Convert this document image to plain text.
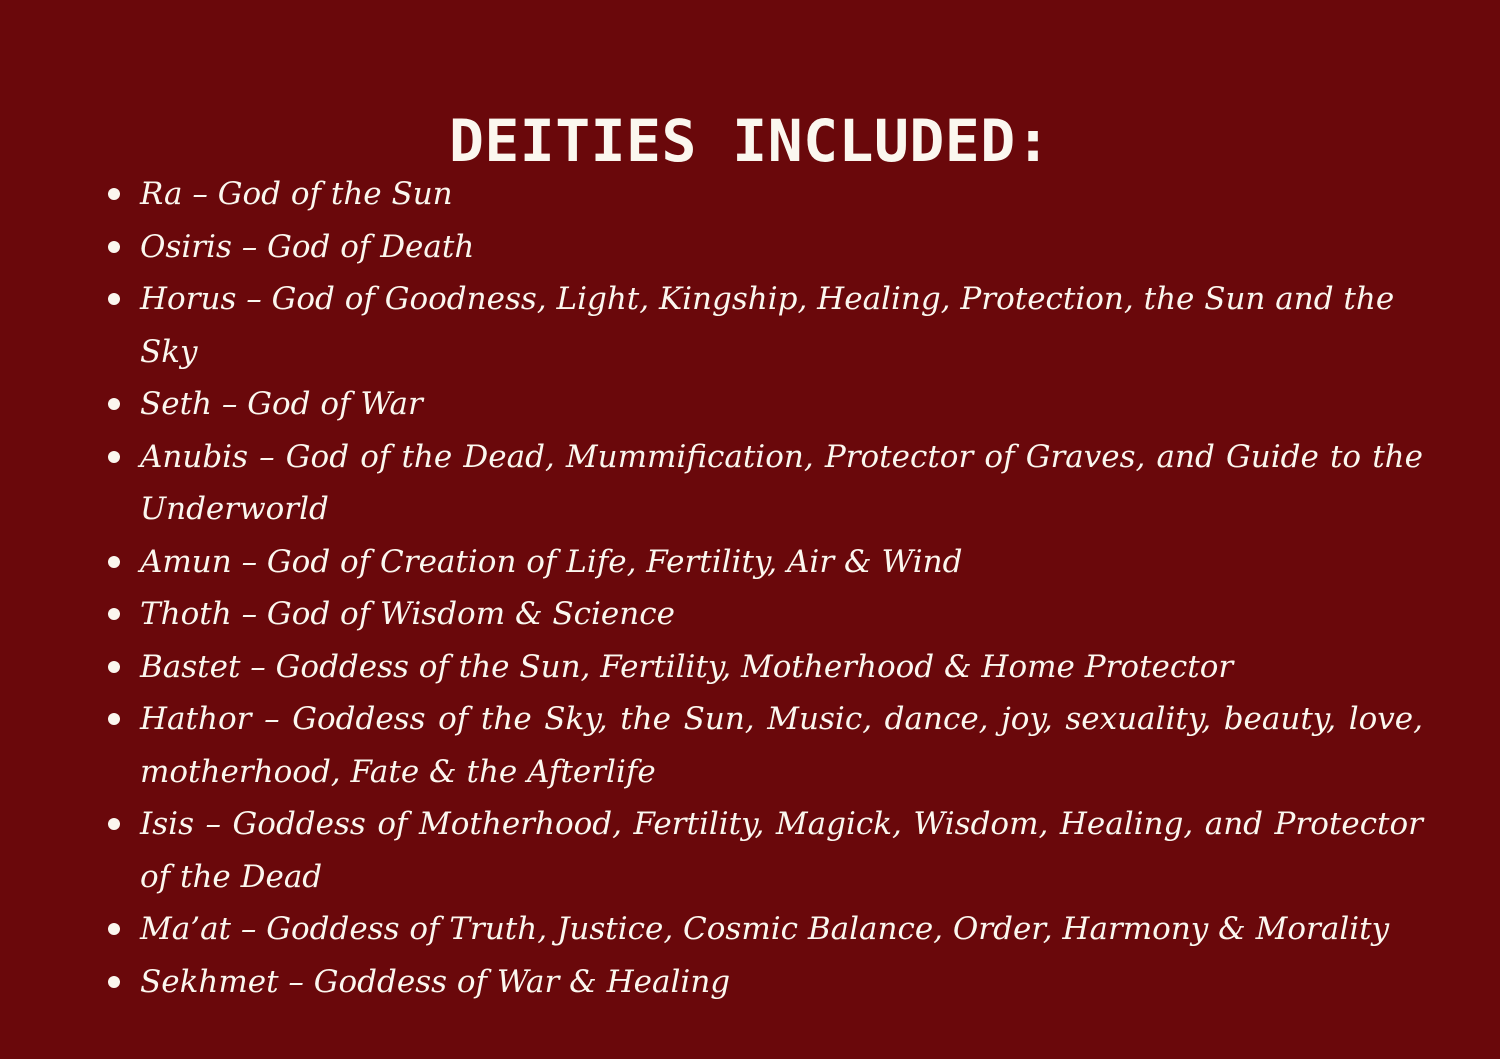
DEITIES INCLUDED:
Ra – God of the Sun
Osiris – God of Death
Horus – God of Goodness, Light, Kingship, Healing, Protection, the Sun and the Sky
Seth – God of War
Anubis – God of the Dead, Mummification, Protector of Graves, and Guide to the Underworld
Amun – God of Creation of Life, Fertility, Air & Wind
Thoth – God of Wisdom & Science
Bastet – Goddess of the Sun, Fertility, Motherhood & Home Protector
Hathor – Goddess of the Sky, the Sun, Music, dance, joy, sexuality, beauty, love, motherhood, Fate & the Afterlife
Isis – Goddess of Motherhood, Fertility, Magick, Wisdom, Healing, and Protector of the Dead
Ma’at – Goddess of Truth, Justice, Cosmic Balance, Order, Harmony & Morality
Sekhmet – Goddess of War & Healing
